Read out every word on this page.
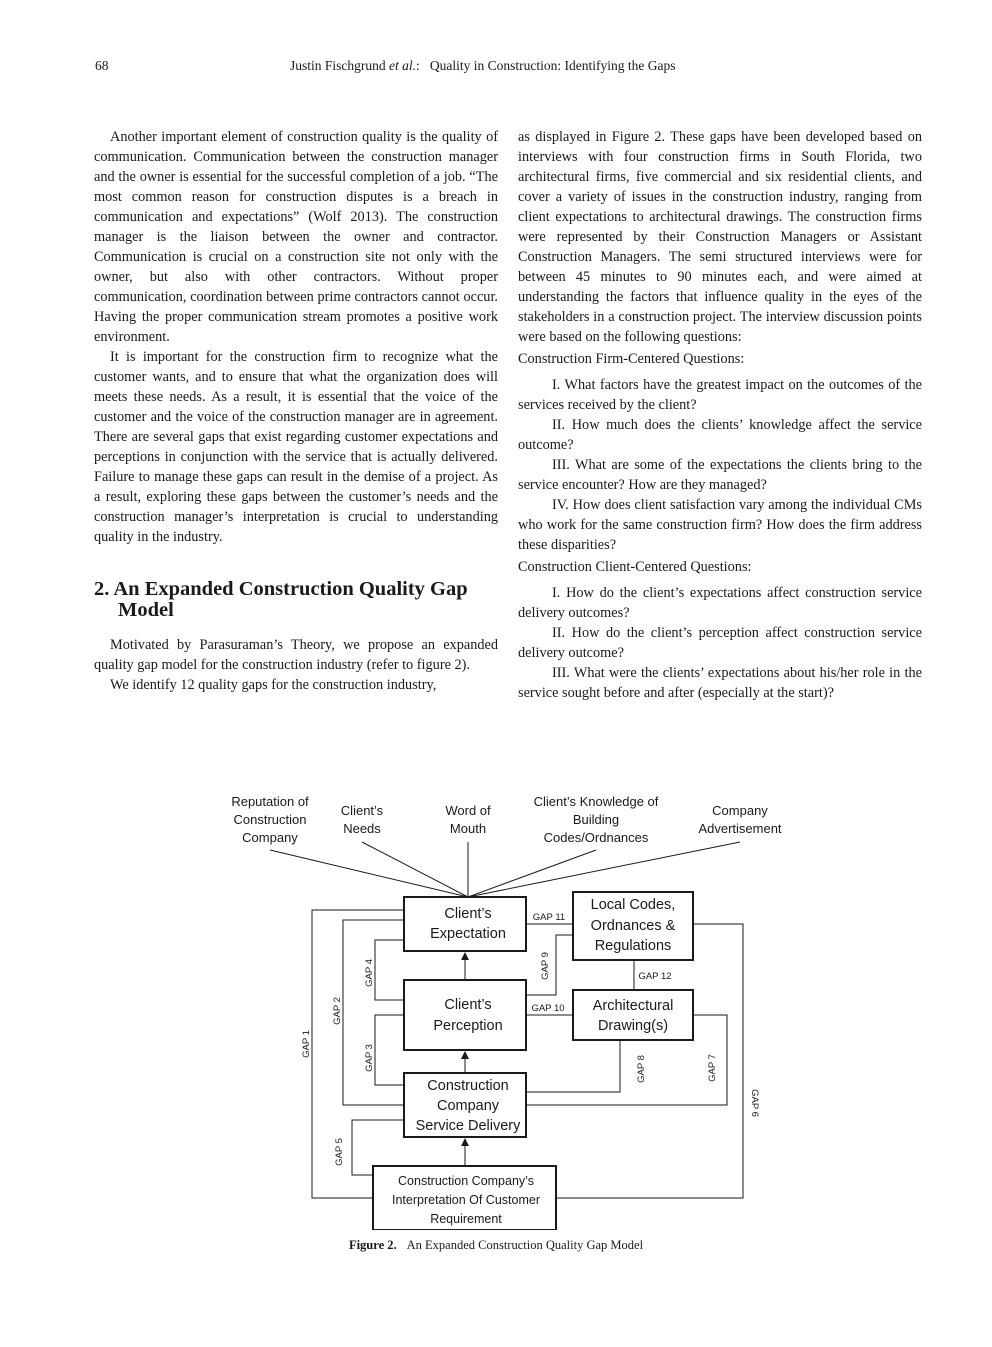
68	Justin Fischgrund et al.: Quality in Construction: Identifying the Gaps

Another important element of construction quality is the quality of communication. Communication between the construction manager and the owner is essential for the successful completion of a job. “The most common reason for construction disputes is a breach in communication and expectations” (Wolf 2013). The construction manager is the liaison between the owner and contractor. Communication is crucial on a construction site not only with the owner, but also with other contractors. Without proper communication, coordination between prime contractors cannot occur. Having the proper communication stream promotes a positive work environment.

It is important for the construction firm to recognize what the customer wants, and to ensure that what the organization does will meets these needs. As a result, it is essential that the voice of the customer and the voice of the construction manager are in agreement. There are several gaps that exist regarding customer expectations and perceptions in conjunction with the service that is actually delivered. Failure to manage these gaps can result in the demise of a project. As a result, exploring these gaps between the customer’s needs and the construction manager’s interpretation is crucial to understanding quality in the industry.

2. An Expanded Construction Quality Gap Model

Motivated by Parasuraman’s Theory, we propose an expanded quality gap model for the construction industry (refer to figure 2).

We identify 12 quality gaps for the construction industry,

as displayed in Figure 2. These gaps have been developed based on interviews with four construction firms in South Florida, two architectural firms, five commercial and six residential clients, and cover a variety of issues in the construction industry, ranging from client expectations to architectural drawings. The construction firms were represented by their Construction Managers or Assistant Construction Managers. The semi structured interviews were for between 45 minutes to 90 minutes each, and were aimed at understanding the factors that influence quality in the eyes of the stakeholders in a construction project. The interview discussion points were based on the following questions:

Construction Firm-Centered Questions:

I. What factors have the greatest impact on the outcomes of the services received by the client?

II. How much does the clients’ knowledge affect the service outcome?

III. What are some of the expectations the clients bring to the service encounter? How are they managed?

IV. How does client satisfaction vary among the individual CMs who work for the same construction firm? How does the firm address these disparities?

Construction Client-Centered Questions:

I. How do the client’s expectations affect construction service delivery outcomes?

II. How do the client’s perception affect construction service delivery outcome?

III. What were the clients’ expectations about his/her role in the service sought before and after (especially at the start)?

Reputation of Construction Company
Client’s Needs
Word of Mouth
Client’s Knowledge of Building Codes/Ordnances
Company Advertisement
Client’s Expectation
Local Codes, Ordnances & Regulations
Client’s Perception
Architectural Drawing(s)
Construction Company Service Delivery
Construction Company’s Interpretation Of Customer Requirement
GAP 11
GAP 10
GAP 12
GAP 1
GAP 2
GAP 3
GAP 4
GAP 5
GAP 6
GAP 7
GAP 8
GAP 9
Figure 2. An Expanded Construction Quality Gap Model
